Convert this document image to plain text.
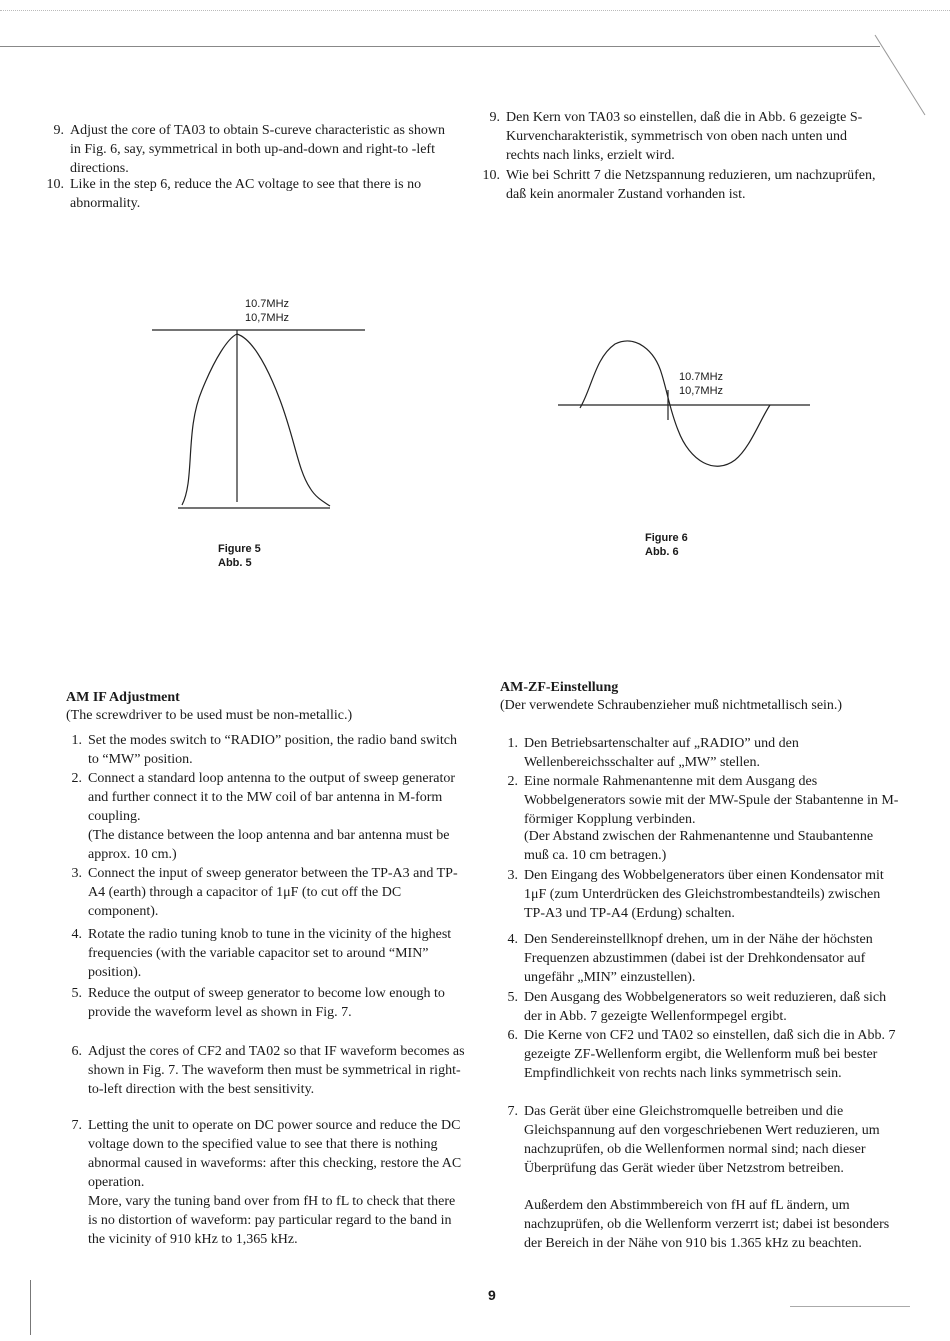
9. Adjust the core of TA03 to obtain S-cureve characteristic as shown in Fig. 6, say, symmetrical in both up-and-down and right-to -left directions.
10. Like in the step 6, reduce the AC voltage to see that there is no abnormality.
9. Den Kern von TA03 so einstellen, daß die in Abb. 6 gezeigte S-Kurvencharakteristik, symmetrisch von oben nach unten und rechts nach links, erzielt wird.
10. Wie bei Schritt 7 die Netzspannung reduzieren, um nachzuprüfen, daß kein anormaler Zustand vorhanden ist.
10.7MHz
10,7MHz
Figure 5
Abb. 5
10.7MHz
10,7MHz
Figure 6
Abb. 6
AM IF Adjustment
(The screwdriver to be used must be non-metallic.)
1. Set the modes switch to “RADIO” position, the radio band switch to “MW” position.
2. Connect a standard loop antenna to the output of sweep generator and further connect it to the MW coil of bar antenna in M-form coupling.
(The distance between the loop antenna and bar antenna must be approx. 10 cm.)
3. Connect the input of sweep generator between the TP-A3 and TP-A4 (earth) through a capacitor of 1μF (to cut off the DC component).
4. Rotate the radio tuning knob to tune in the vicinity of the highest frequencies (with the variable capacitor set to around “MIN” position).
5. Reduce the output of sweep generator to become low enough to provide the waveform level as shown in Fig. 7.
6. Adjust the cores of CF2 and TA02 so that IF waveform becomes as shown in Fig. 7. The waveform then must be symmetrical in right-to-left direction with the best sensitivity.
7. Letting the unit to operate on DC power source and reduce the DC voltage down to the specified value to see that there is nothing abnormal caused in waveforms: after this checking, restore the AC operation.
More, vary the tuning band over from fH to fL to check that there is no distortion of waveform: pay particular regard to the band in the vicinity of 910 kHz to 1,365 kHz.
AM-ZF-Einstellung
(Der verwendete Schraubenzieher muß nichtmetallisch sein.)
1. Den Betriebsartenschalter auf „RADIO” und den Wellenbereichsschalter auf „MW” stellen.
2. Eine normale Rahmenantenne mit dem Ausgang des Wobbelgenerators sowie mit der MW-Spule der Stabantenne in M-förmiger Kopplung verbinden.
(Der Abstand zwischen der Rahmenantenne und Staubantenne muß ca. 10 cm betragen.)
3. Den Eingang des Wobbelgenerators über einen Kondensator mit 1μF (zum Unterdrücken des Gleichstrombestandteils) zwischen TP-A3 und TP-A4 (Erdung) schalten.
4. Den Sendereinstellknopf drehen, um in der Nähe der höchsten Frequenzen abzustimmen (dabei ist der Drehkondensator auf ungefähr „MIN” einzustellen).
5. Den Ausgang des Wobbelgenerators so weit reduzieren, daß sich der in Abb. 7 gezeigte Wellenformpegel ergibt.
6. Die Kerne von CF2 und TA02 so einstellen, daß sich die in Abb. 7 gezeigte ZF-Wellenform ergibt, die Wellenform muß bei bester Empfindlichkeit von rechts nach links symmetrisch sein.
7. Das Gerät über eine Gleichstromquelle betreiben und die Gleichspannung auf den vorgeschriebenen Wert reduzieren, um nachzuprüfen, ob die Wellenformen normal sind; nach dieser Überprüfung das Gerät wieder über Netzstrom betreiben.
Außerdem den Abstimmbereich von fH auf fL ändern, um nachzuprüfen, ob die Wellenform verzerrt ist; dabei ist besonders der Bereich in der Nähe von 910 bis 1.365 kHz zu beachten.
9
